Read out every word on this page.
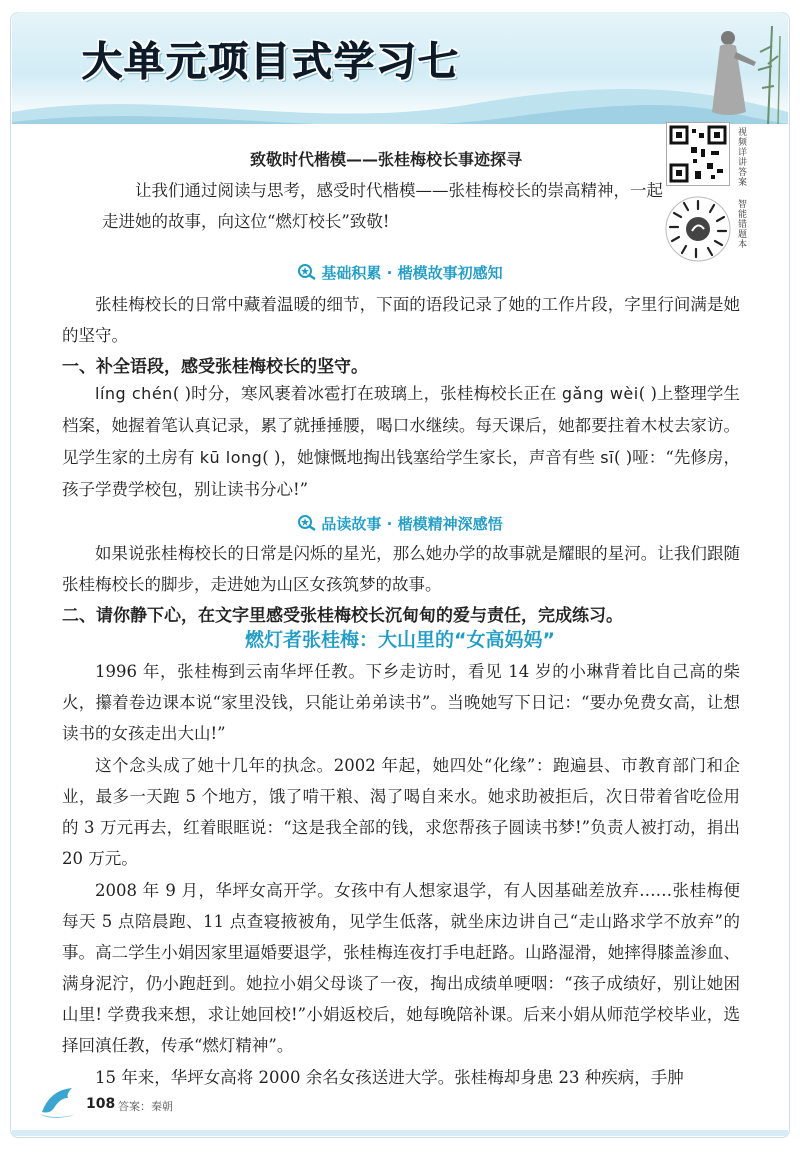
大单元项目式学习七
视频详讲答案
智能错题本
致敬时代楷模——张桂梅校长事迹探寻
让我们通过阅读与思考，感受时代楷模——张桂梅校长的崇高精神，一起走进她的故事，向这位“燃灯校长”致敬!
基础积累 · 楷模故事初感知
张桂梅校长的日常中藏着温暖的细节，下面的语段记录了她的工作片段，字里行间满是她的坚守。
一、补全语段，感受张桂梅校长的坚守。
líng chén( )时分，寒风裹着冰雹打在玻璃上，张桂梅校长正在 gǎng wèi( )上整理学生档案，她握着笔认真记录，累了就捶捶腰，喝口水继续。每天课后，她都要拄着木杖去家访。见学生家的土房有 kū long( )，她慷慨地掏出钱塞给学生家长，声音有些 sī( )哑：“先修房，孩子学费学校包，别让读书分心!”
品读故事 · 楷模精神深感悟
如果说张桂梅校长的日常是闪烁的星光，那么她办学的故事就是耀眼的星河。让我们跟随张桂梅校长的脚步，走进她为山区女孩筑梦的故事。
二、请你静下心，在文字里感受张桂梅校长沉甸甸的爱与责任，完成练习。
燃灯者张桂梅：大山里的“女高妈妈”
1996 年，张桂梅到云南华坪任教。下乡走访时，看见 14 岁的小琳背着比自己高的柴火，攥着卷边课本说“家里没钱，只能让弟弟读书”。当晚她写下日记：“要办免费女高，让想读书的女孩走出大山!”
这个念头成了她十几年的执念。2002 年起，她四处“化缘”：跑遍县、市教育部门和企业，最多一天跑 5 个地方，饿了啃干粮、渴了喝自来水。她求助被拒后，次日带着省吃俭用的 3 万元再去，红着眼眶说：“这是我全部的钱，求您帮孩子圆读书梦!”负责人被打动，捐出 20 万元。
2008 年 9 月，华坪女高开学。女孩中有人想家退学，有人因基础差放弃……张桂梅便每天 5 点陪晨跑、11 点查寝掖被角，见学生低落，就坐床边讲自己“走山路求学不放弃”的事。高二学生小娟因家里逼婚要退学，张桂梅连夜打手电赶路。山路湿滑，她摔得膝盖渗血、满身泥泞，仍小跑赶到。她拉小娟父母谈了一夜，掏出成绩单哽咽：“孩子成绩好，别让她困山里! 学费我来想，求让她回校!”小娟返校后，她每晚陪补课。后来小娟从师范学校毕业，选择回滇任教，传承“燃灯精神”。
15 年来，华坪女高将 2000 余名女孩送进大学。张桂梅却身患 23 种疾病，手肿
108 答案：秦朝
